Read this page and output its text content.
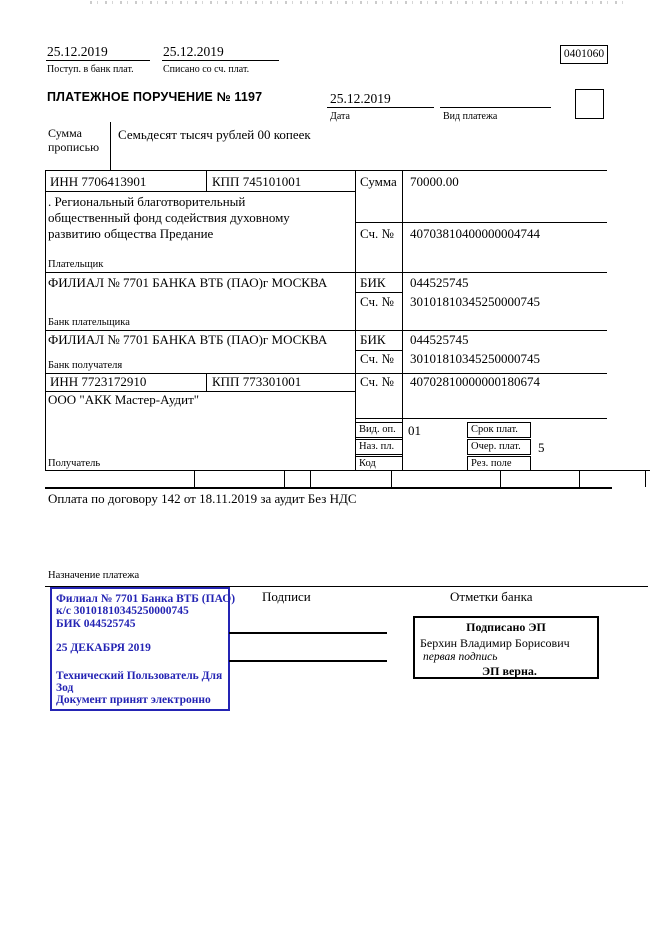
25.12.2019
Поступ. в банк плат.
25.12.2019
Списано со сч. плат.
0401060
ПЛАТЕЖНОЕ ПОРУЧЕНИЕ № 1197	25.12.2019
Дата	Вид платежа
Сумма прописью
Семьдесят тысяч рублей 00 копеек
ИНН 7706413901	КПП 745101001	Сумма 70000.00
. Региональный благотворительный
общественный фонд содействия духовному
развитию общества Предание	Сч. № 40703810400000004744
Плательщик
ФИЛИАЛ № 7701 БАНКА ВТБ (ПАО)г МОСКВА	БИК 044525745
Сч. № 30101810345250000745
Банк плательщика
ФИЛИАЛ № 7701 БАНКА ВТБ (ПАО)г МОСКВА	БИК 044525745
Сч. № 30101810345250000745
Банк получателя
ИНН 7723172910	КПП 773301001	Сч. № 40702810000000180674
ООО "АКК Мастер-Аудит"
Получатель
Вид. оп. 01	Срок плат.
Наз. пл.	Очер. плат.	5
Код	Рез. поле
Оплата по договору 142 от 18.11.2019 за аудит Без НДС
Назначение платежа
Филиал № 7701 Банка ВТБ (ПАО)
к/с 30101810345250000745
БИК 044525745
25 ДЕКАБРЯ 2019
Технический Пользователь Для
Зод
Документ принят электронно
Подписи	Отметки банка
Подписано ЭП
Берхин Владимир Борисович
первая подпись
ЭП верна.
